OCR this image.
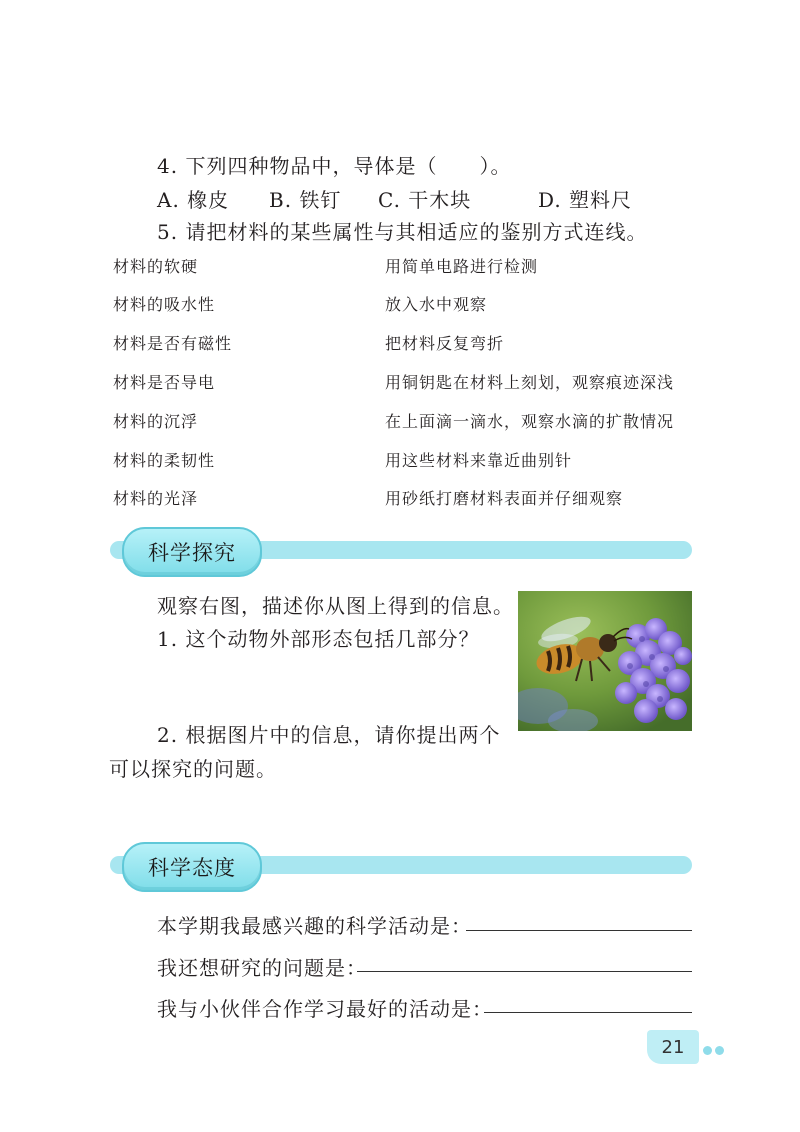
4. 下列四种物品中，导体是（　　）。
A. 橡皮 B. 铁钉 C. 干木块	D. 塑料尺
5. 请把材料的某些属性与其相适应的鉴别方式连线。
材料的软硬
材料的吸水性
材料是否有磁性
材料是否导电
材料的沉浮
材料的柔韧性
材料的光泽
用简单电路进行检测
放入水中观察
把材料反复弯折
用铜钥匙在材料上刻划，观察痕迹深浅
在上面滴一滴水，观察水滴的扩散情况
用这些材料来靠近曲别针
用砂纸打磨材料表面并仔细观察
科学探究
观察右图，描述你从图上得到的信息。
1. 这个动物外部形态包括几部分？
2. 根据图片中的信息，请你提出两个
可以探究的问题。
科学态度
本学期我最感兴趣的科学活动是：
我还想研究的问题是：
我与小伙伴合作学习最好的活动是：
21
